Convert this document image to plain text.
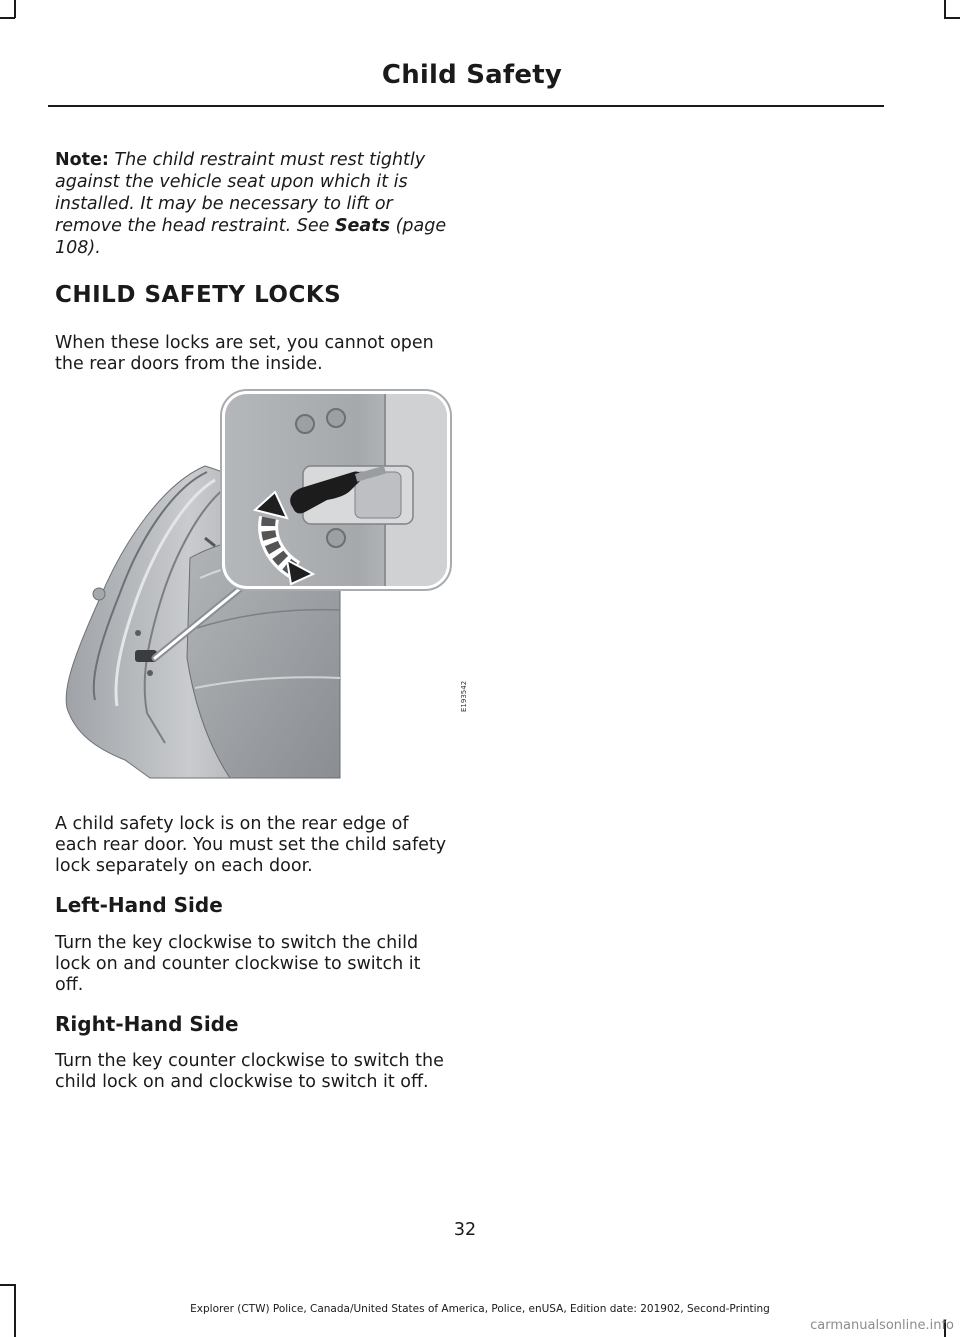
Child Safety

Note: The child restraint must rest tightly against the vehicle seat upon which it is installed. It may be necessary to lift or remove the head restraint. See Seats (page 108).

CHILD SAFETY LOCKS

When these locks are set, you cannot open the rear doors from the inside.

E193542

A child safety lock is on the rear edge of each rear door. You must set the child safety lock separately on each door.

Left-Hand Side

Turn the key clockwise to switch the child lock on and counter clockwise to switch it off.

Right-Hand Side

Turn the key counter clockwise to switch the child lock on and clockwise to switch it off.

32
Explorer (CTW) Police, Canada/United States of America, Police, enUSA, Edition date: 201902, Second-Printing
carmanualsonline.info
